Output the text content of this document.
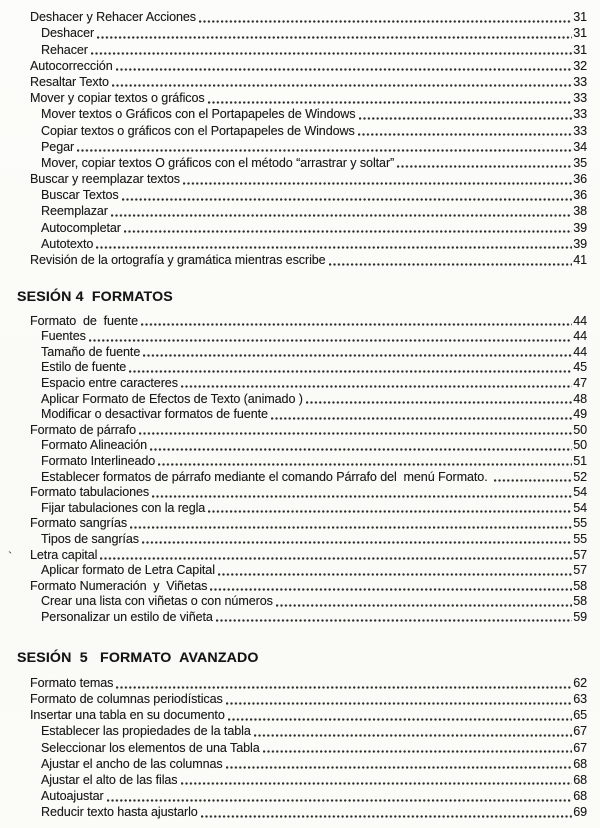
Deshacer y Rehacer Acciones	31
Deshacer	31
Rehacer	31
Autocorrección	32
Resaltar Texto	33
Mover y copiar textos o gráficos	33
Mover textos o Gráficos con el Portapapeles de Windows	33
Copiar textos o gráficos con el Portapapeles de Windows	33
Pegar	34
Mover, copiar textos O gráficos con el método “arrastrar y soltar”	35
Buscar y reemplazar textos	36
Buscar Textos	36
Reemplazar	38
Autocompletar	39
Autotexto	39
Revisión de la ortografía y gramática mientras escribe	41
SESIÓN 4  FORMATOS
Formato  de  fuente	44
Fuentes	44
Tamaño de fuente	44
Estilo de fuente	45
Espacio entre caracteres	47
Aplicar Formato de Efectos de Texto (animado )	48
Modificar o desactivar formatos de fuente	49
Formato de párrafo	50
Formato Alineación	50
Formato Interlineado	51
Establecer formatos de párrafo mediante el comando Párrafo del  menú Formato.	52
Formato tabulaciones	54
Fijar tabulaciones con la regla	54
Formato sangrías	55
Tipos de sangrías	55
Letra capital	57
Aplicar formato de Letra Capital	57
Formato Numeración  y  Viñetas	58
Crear una lista con viñetas o con números	58
Personalizar un estilo de viñeta	59
SESIÓN  5   FORMATO  AVANZADO
Formato temas	62
Formato de columnas periodísticas	63
Insertar una tabla en su documento	65
Establecer las propiedades de la tabla	67
Seleccionar los elementos de una Tabla	67
Ajustar el ancho de las columnas	68
Ajustar el alto de las filas	68
Autoajustar	68
Reducir texto hasta ajustarlo	69
`
